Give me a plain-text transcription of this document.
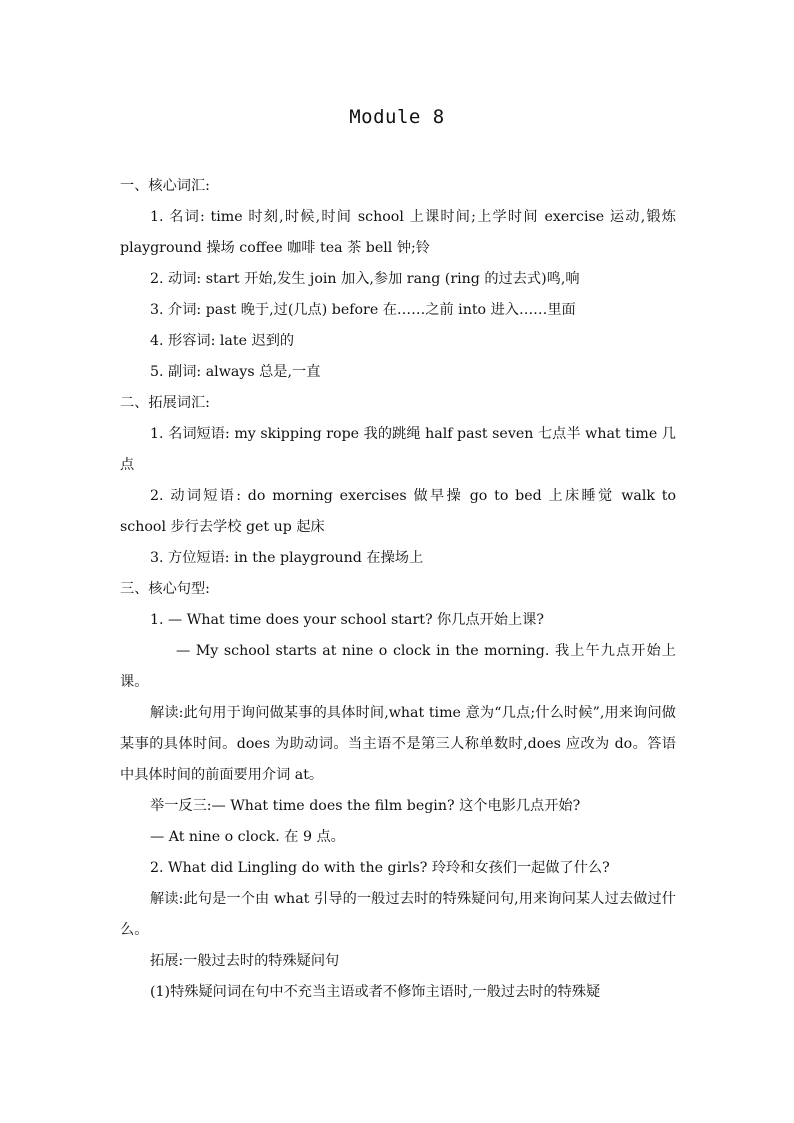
Module 8

一、核心词汇:

1. 名词: time 时刻,时候,时间 school 上课时间;上学时间 exercise 运动,锻炼 playground 操场 coffee 咖啡 tea 茶 bell 钟;铃

2. 动词: start 开始,发生 join 加入,参加 rang (ring 的过去式)鸣,响

3. 介词: past 晚于,过(几点) before 在……之前 into 进入……里面

4. 形容词: late 迟到的

5. 副词: always 总是,一直

二、拓展词汇:

1. 名词短语: my skipping rope 我的跳绳 half past seven 七点半 what time 几点

2. 动词短语: do morning exercises 做早操 go to bed 上床睡觉 walk to school 步行去学校 get up 起床

3. 方位短语: in the playground 在操场上

三、核心句型:

1. — What time does your school start? 你几点开始上课?

— My school starts at nine o clock in the morning. 我上午九点开始上课。

解读:此句用于询问做某事的具体时间,what time 意为“几点;什么时候”,用来询问做某事的具体时间。does 为助动词。当主语不是第三人称单数时,does 应改为 do。答语中具体时间的前面要用介词 at。

举一反三:— What time does the film begin? 这个电影几点开始?

— At nine o clock. 在 9 点。

2. What did Lingling do with the girls? 玲玲和女孩们一起做了什么?

解读:此句是一个由 what 引导的一般过去时的特殊疑问句,用来询问某人过去做过什么。

拓展:一般过去时的特殊疑问句

(1)特殊疑问词在句中不充当主语或者不修饰主语时,一般过去时的特殊疑
